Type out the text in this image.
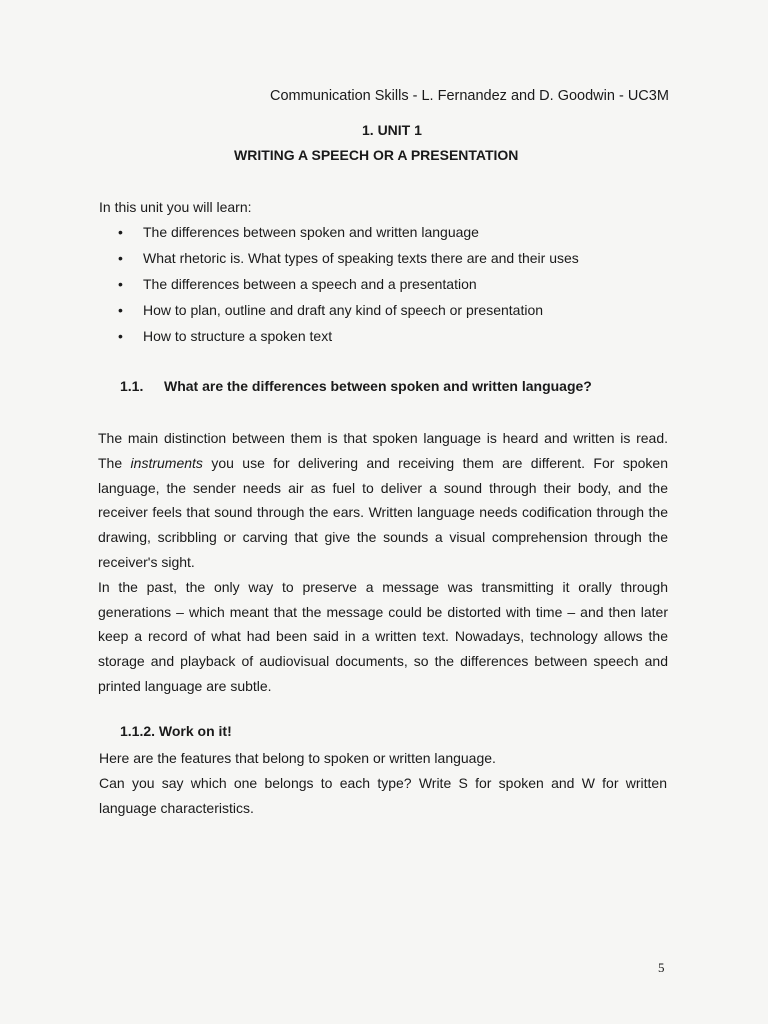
Communication Skills - L. Fernandez and D. Goodwin - UC3M
1. UNIT 1
WRITING A SPEECH OR A PRESENTATION
In this unit you will learn:
• The differences between spoken and written language
• What rhetoric is. What types of speaking texts there are and their uses
• The differences between a speech and a presentation
• How to plan, outline and draft any kind of speech or presentation
• How to structure a spoken text
1.1. What are the differences between spoken and written language?

The main distinction between them is that spoken language is heard and written is read. The instruments you use for delivering and receiving them are different. For spoken language, the sender needs air as fuel to deliver a sound through their body, and the receiver feels that sound through the ears. Written language needs codification through the drawing, scribbling or carving that give the sounds a visual comprehension through the receiver's sight.

In the past, the only way to preserve a message was transmitting it orally through generations – which meant that the message could be distorted with time – and then later keep a record of what had been said in a written text. Nowadays, technology allows the storage and playback of audiovisual documents, so the differences between speech and printed language are subtle.

1.1.2. Work on it!

Here are the features that belong to spoken or written language.

Can you say which one belongs to each type? Write S for spoken and W for written language characteristics.

5
